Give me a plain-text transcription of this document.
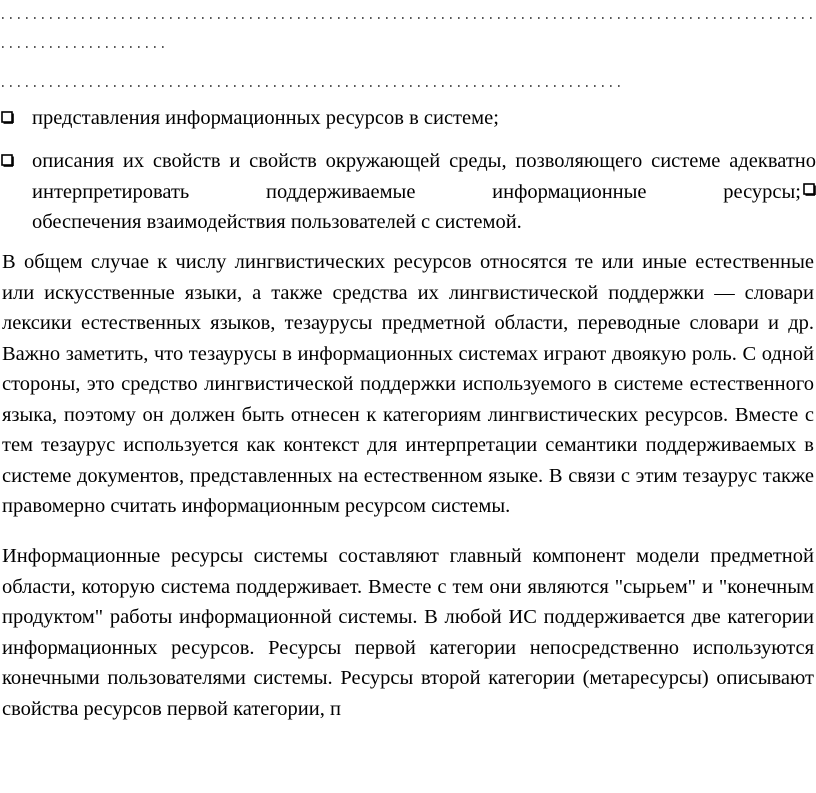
представления информационных ресурсов в системе;
описания их свойств и свойств окружающей среды, позволяющего системе адекватно интерпретировать поддерживаемые информационные ресурсы;
обеспечения взаимодействия пользователей с системой.

В общем случае к числу лингвистических ресурсов относятся те или иные естественные или искусственные языки, а также средства их лингвистической поддержки — словари лексики естественных языков, тезаурусы предметной области, переводные словари и др. Важно заметить, что тезаурусы в информационных системах играют двоякую роль. С одной стороны, это средство лингвистической поддержки используемого в системе естественного языка, поэтому он должен быть отнесен к категориям лингвистических ресурсов. Вместе с тем тезаурус используется как контекст для интерпретации семантики поддерживаемых в системе документов, представленных на естественном языке. В связи с этим тезаурус также правомерно считать информационным ресурсом системы.

Информационные ресурсы системы составляют главный компонент модели предметной области, которую система поддерживает. Вместе с тем они являются "сырьем" и "конечным продуктом" работы информационной системы. В любой ИС поддерживается две категории информационных ресурсов. Ресурсы первой категории непосредственно используются конечными пользователями системы. Ресурсы второй категории (метаресурсы) описывают свойства ресурсов первой категории, п
